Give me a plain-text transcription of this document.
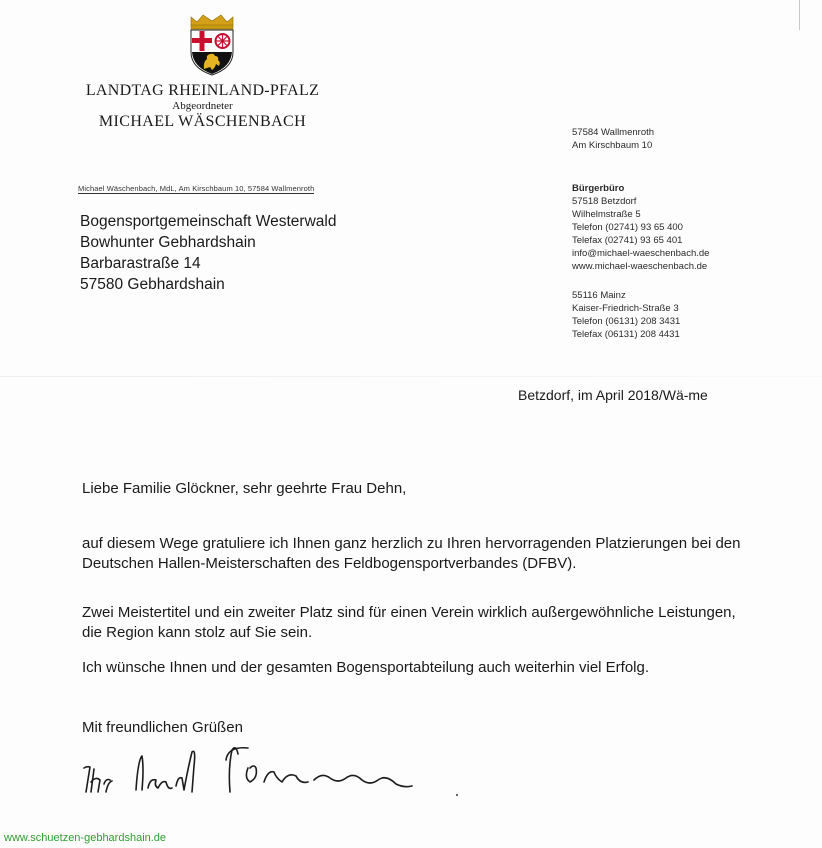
LANDTAG RHEINLAND-PFALZ
Abgeordneter
MICHAEL WÄSCHENBACH
Michael Wäschenbach, MdL, Am Kirschbaum 10, 57584 Wallmenroth
Bogensportgemeinschaft Westerwald
Bowhunter Gebhardshain
Barbarastraße 14
57580 Gebhardshain
57584 Wallmenroth
Am Kirschbaum 10
Bürgerbüro
57518 Betzdorf
Wilhelmstraße 5
Telefon (02741) 93 65 400
Telefax (02741) 93 65 401
info@michael-waeschenbach.de
www.michael-waeschenbach.de
55116 Mainz
Kaiser-Friedrich-Straße 3
Telefon (06131) 208 3431
Telefax (06131) 208 4431
Betzdorf, im April 2018/Wä-me
Liebe Familie Glöckner, sehr geehrte Frau Dehn,
auf diesem Wege gratuliere ich Ihnen ganz herzlich zu Ihren hervorragenden Platzierungen bei den Deutschen Hallen-Meisterschaften des Feldbogensportverbandes (DFBV).
Zwei Meistertitel und ein zweiter Platz sind für einen Verein wirklich außergewöhnliche Leistungen, die Region kann stolz auf Sie sein.
Ich wünsche Ihnen und der gesamten Bogensportabteilung auch weiterhin viel Erfolg.
Mit freundlichen Grüßen
www.schuetzen-gebhardshain.de
